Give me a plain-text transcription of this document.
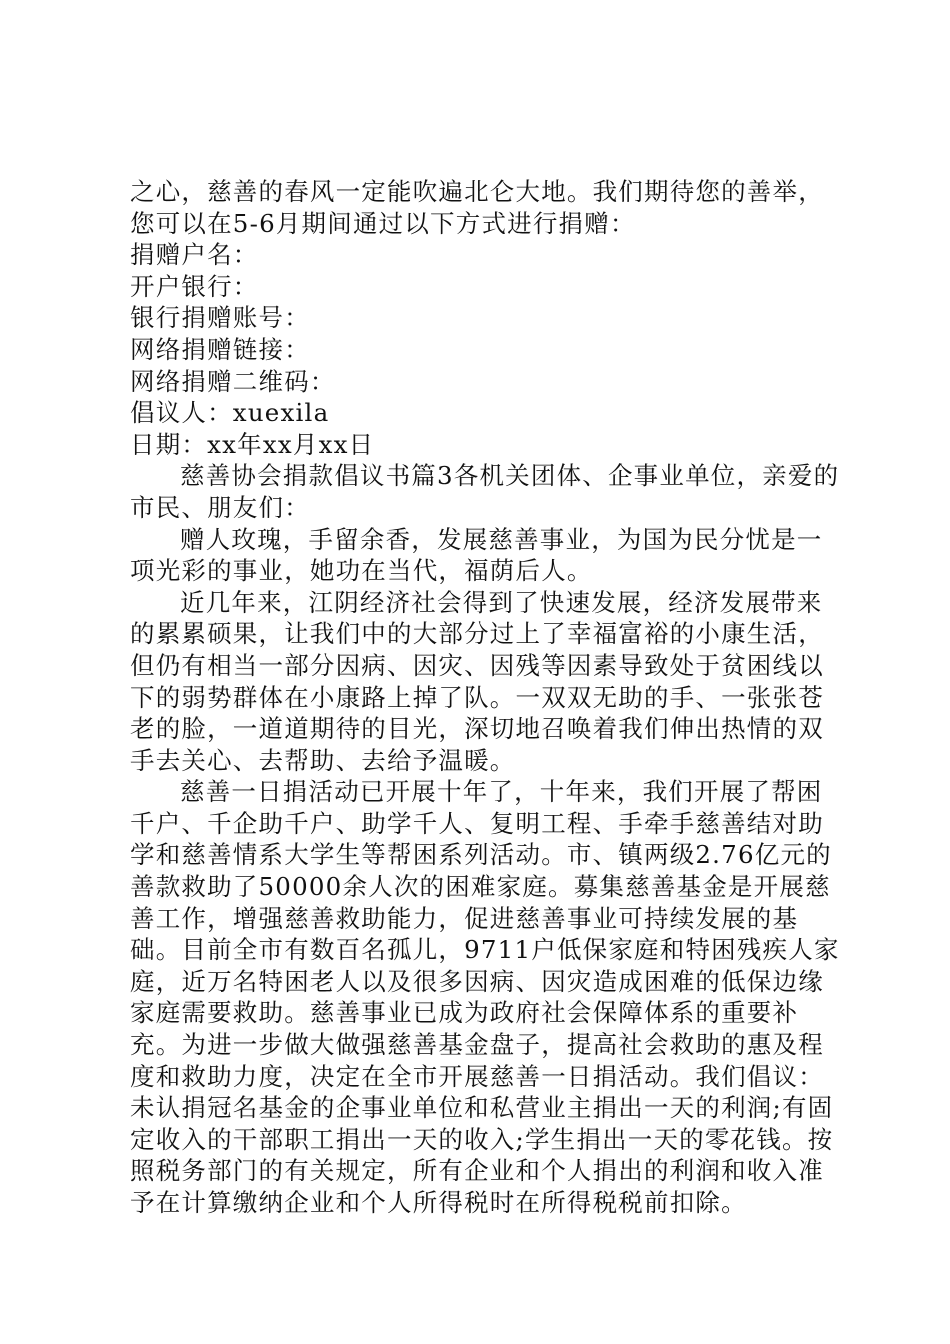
之心，慈善的春风一定能吹遍北仑大地。我们期待您的善举，您可以在5-6月期间通过以下方式进行捐赠：

捐赠户名：

开户银行：

银行捐赠账号：

网络捐赠链接：

网络捐赠二维码：

倡议人：xuexila

日期：xx年xx月xx日

慈善协会捐款倡议书篇3各机关团体、企事业单位，亲爱的市民、朋友们：

赠人玫瑰，手留余香，发展慈善事业，为国为民分忧是一项光彩的事业，她功在当代，福荫后人。

近几年来，江阴经济社会得到了快速发展，经济发展带来的累累硕果，让我们中的大部分过上了幸福富裕的小康生活，但仍有相当一部分因病、因灾、因残等因素导致处于贫困线以下的弱势群体在小康路上掉了队。一双双无助的手、一张张苍老的脸，一道道期待的目光，深切地召唤着我们伸出热情的双手去关心、去帮助、去给予温暖。

慈善一日捐活动已开展十年了，十年来，我们开展了帮困千户、千企助千户、助学千人、复明工程、手牵手慈善结对助学和慈善情系大学生等帮困系列活动。市、镇两级2.76亿元的善款救助了50000余人次的困难家庭。募集慈善基金是开展慈善工作，增强慈善救助能力，促进慈善事业可持续发展的基础。目前全市有数百名孤儿，9711户低保家庭和特困残疾人家庭，近万名特困老人以及很多因病、因灾造成困难的低保边缘家庭需要救助。慈善事业已成为政府社会保障体系的重要补充。为进一步做大做强慈善基金盘子，提高社会救助的惠及程度和救助力度，决定在全市开展慈善一日捐活动。我们倡议：未认捐冠名基金的企事业单位和私营业主捐出一天的利润;有固定收入的干部职工捐出一天的收入;学生捐出一天的零花钱。按照税务部门的有关规定，所有企业和个人捐出的利润和收入准予在计算缴纳企业和个人所得税时在所得税税前扣除。
